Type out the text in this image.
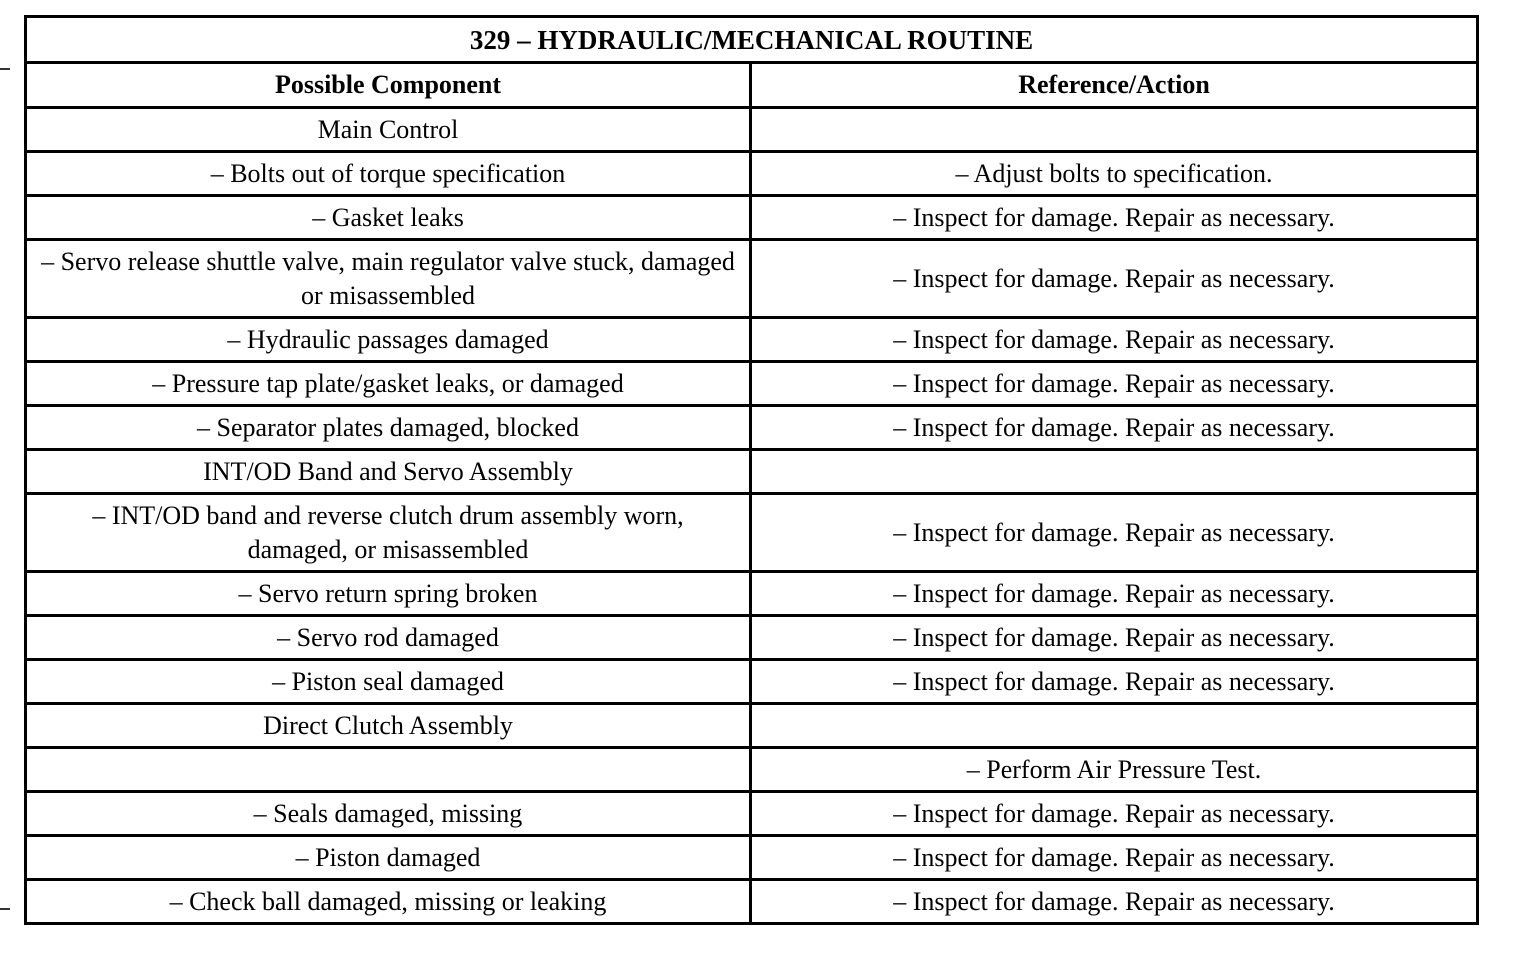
329 – HYDRAULIC/MECHANICAL ROUTINE	
Possible Component	Reference/Action
Main Control	
– Bolts out of torque specification	– Adjust bolts to specification.
– Gasket leaks	– Inspect for damage. Repair as necessary.
– Servo release shuttle valve, main regulator valve stuck, damaged or misassembled	– Inspect for damage. Repair as necessary.
– Hydraulic passages damaged	– Inspect for damage. Repair as necessary.
– Pressure tap plate/gasket leaks, or damaged	– Inspect for damage. Repair as necessary.
– Separator plates damaged, blocked	– Inspect for damage. Repair as necessary.
INT/OD Band and Servo Assembly	
– INT/OD band and reverse clutch drum assembly worn, damaged, or misassembled	– Inspect for damage. Repair as necessary.
– Servo return spring broken	– Inspect for damage. Repair as necessary.
– Servo rod damaged	– Inspect for damage. Repair as necessary.
– Piston seal damaged	– Inspect for damage. Repair as necessary.
Direct Clutch Assembly	
	– Perform Air Pressure Test.
– Seals damaged, missing	– Inspect for damage. Repair as necessary.
– Piston damaged	– Inspect for damage. Repair as necessary.
– Check ball damaged, missing or leaking	– Inspect for damage. Repair as necessary.
